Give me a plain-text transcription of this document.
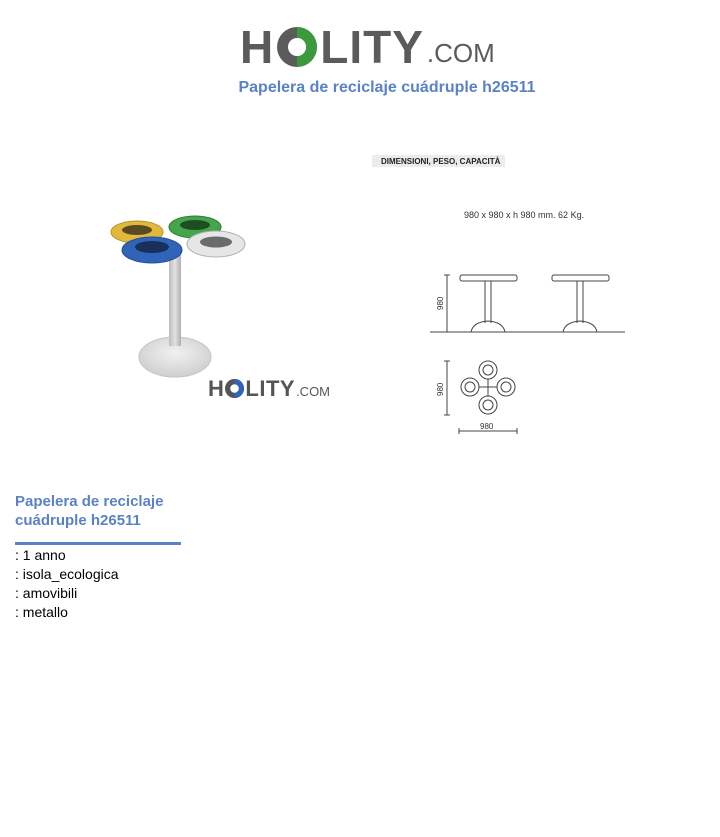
H LITY .COM
Papelera de reciclaje cuádruple h26511
H LITY .COM
DIMENSIONI, PESO, CAPACITÀ
980 x 980 x h 980 mm. 62 Kg.
980
980
980
Papelera de reciclaje cuádruple h26511
: 1 anno
: isola_ecologica
: amovibili
: metallo
